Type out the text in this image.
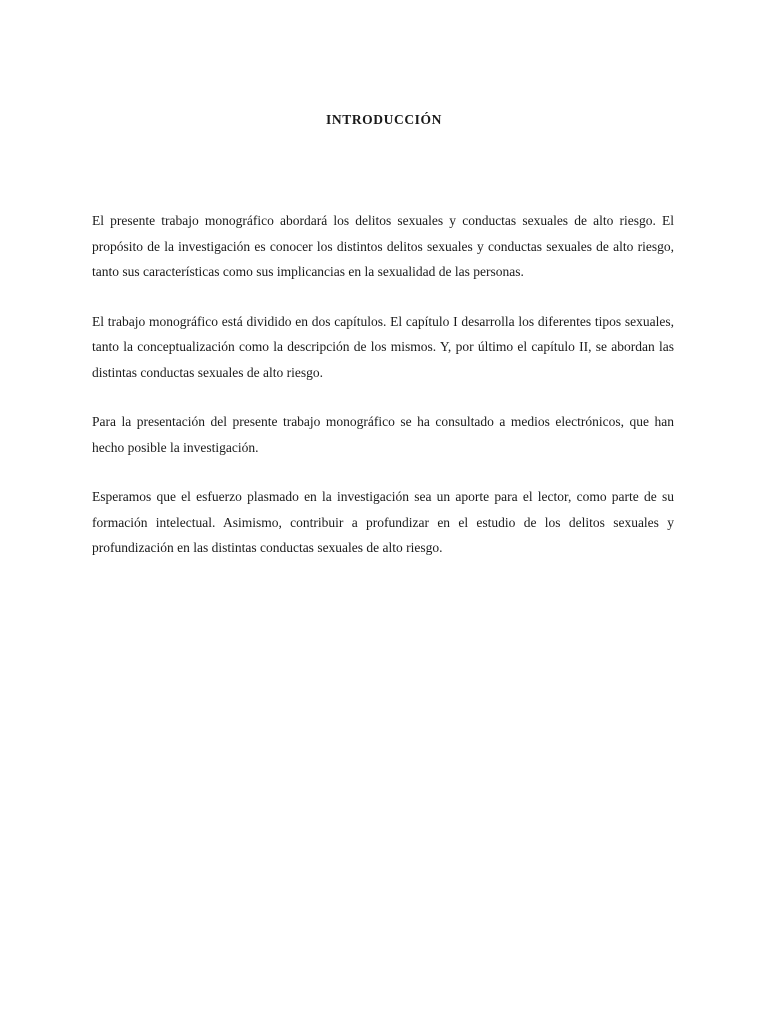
INTRODUCCIÓN

El presente trabajo monográfico abordará los delitos sexuales y conductas sexuales de alto riesgo. El propósito de la investigación es conocer los distintos delitos sexuales y conductas sexuales de alto riesgo, tanto sus características como sus implicancias en la sexualidad de las personas.

El trabajo monográfico está dividido en dos capítulos. El capítulo I desarrolla los diferentes tipos sexuales, tanto la conceptualización como la descripción de los mismos. Y, por último el capítulo II, se abordan las distintas conductas sexuales de alto riesgo.

Para la presentación del presente trabajo monográfico se ha consultado a medios electrónicos, que han hecho posible la investigación.

Esperamos que el esfuerzo plasmado en la investigación sea un aporte para el lector, como parte de su formación intelectual. Asimismo, contribuir a profundizar en el estudio de los delitos sexuales y profundización en las distintas conductas sexuales de alto riesgo.
